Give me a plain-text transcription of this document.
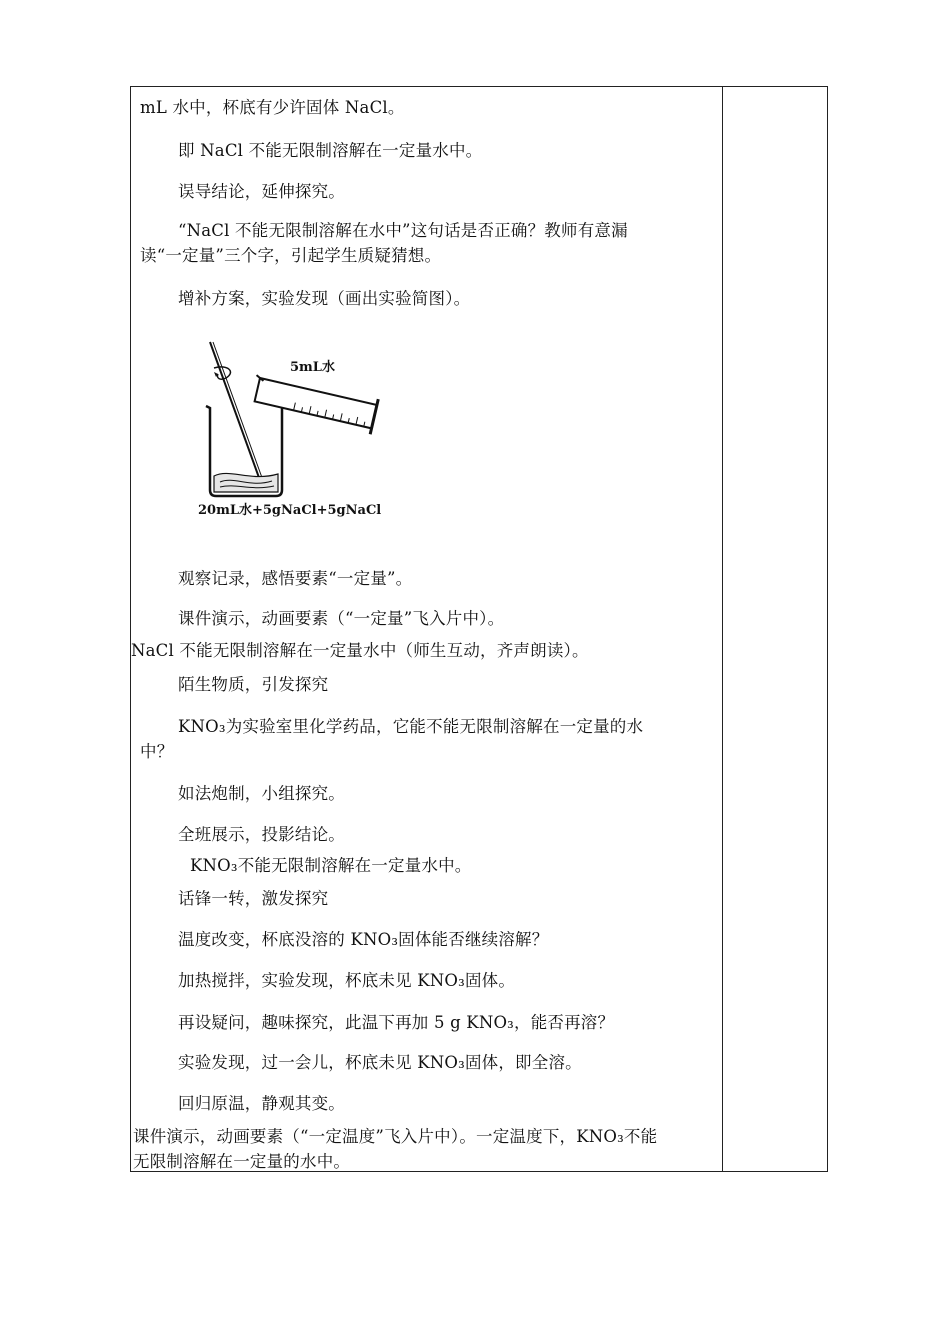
mL 水中，杯底有少许固体 NaCl。
即 NaCl 不能无限制溶解在一定量水中。
误导结论，延伸探究。
“NaCl 不能无限制溶解在水中”这句话是否正确？教师有意漏
读“一定量”三个字，引起学生质疑猜想。
增补方案，实验发现（画出实验简图）。
5mL水
20mL水+5gNaCl+5gNaCl
观察记录，感悟要素“一定量”。
课件演示，动画要素（“一定量”飞入片中）。
NaCl 不能无限制溶解在一定量水中（师生互动，齐声朗读）。
陌生物质，引发探究
KNO₃为实验室里化学药品，它能不能无限制溶解在一定量的水
中？
如法炮制，小组探究。
全班展示，投影结论。
KNO₃不能无限制溶解在一定量水中。
话锋一转，激发探究
温度改变，杯底没溶的 KNO₃固体能否继续溶解？
加热搅拌，实验发现，杯底未见 KNO₃固体。
再设疑问，趣味探究，此温下再加 5 g KNO₃，能否再溶？
实验发现，过一会儿，杯底未见 KNO₃固体，即全溶。
回归原温，静观其变。
课件演示，动画要素（“一定温度”飞入片中）。一定温度下，KNO₃不能
无限制溶解在一定量的水中。
